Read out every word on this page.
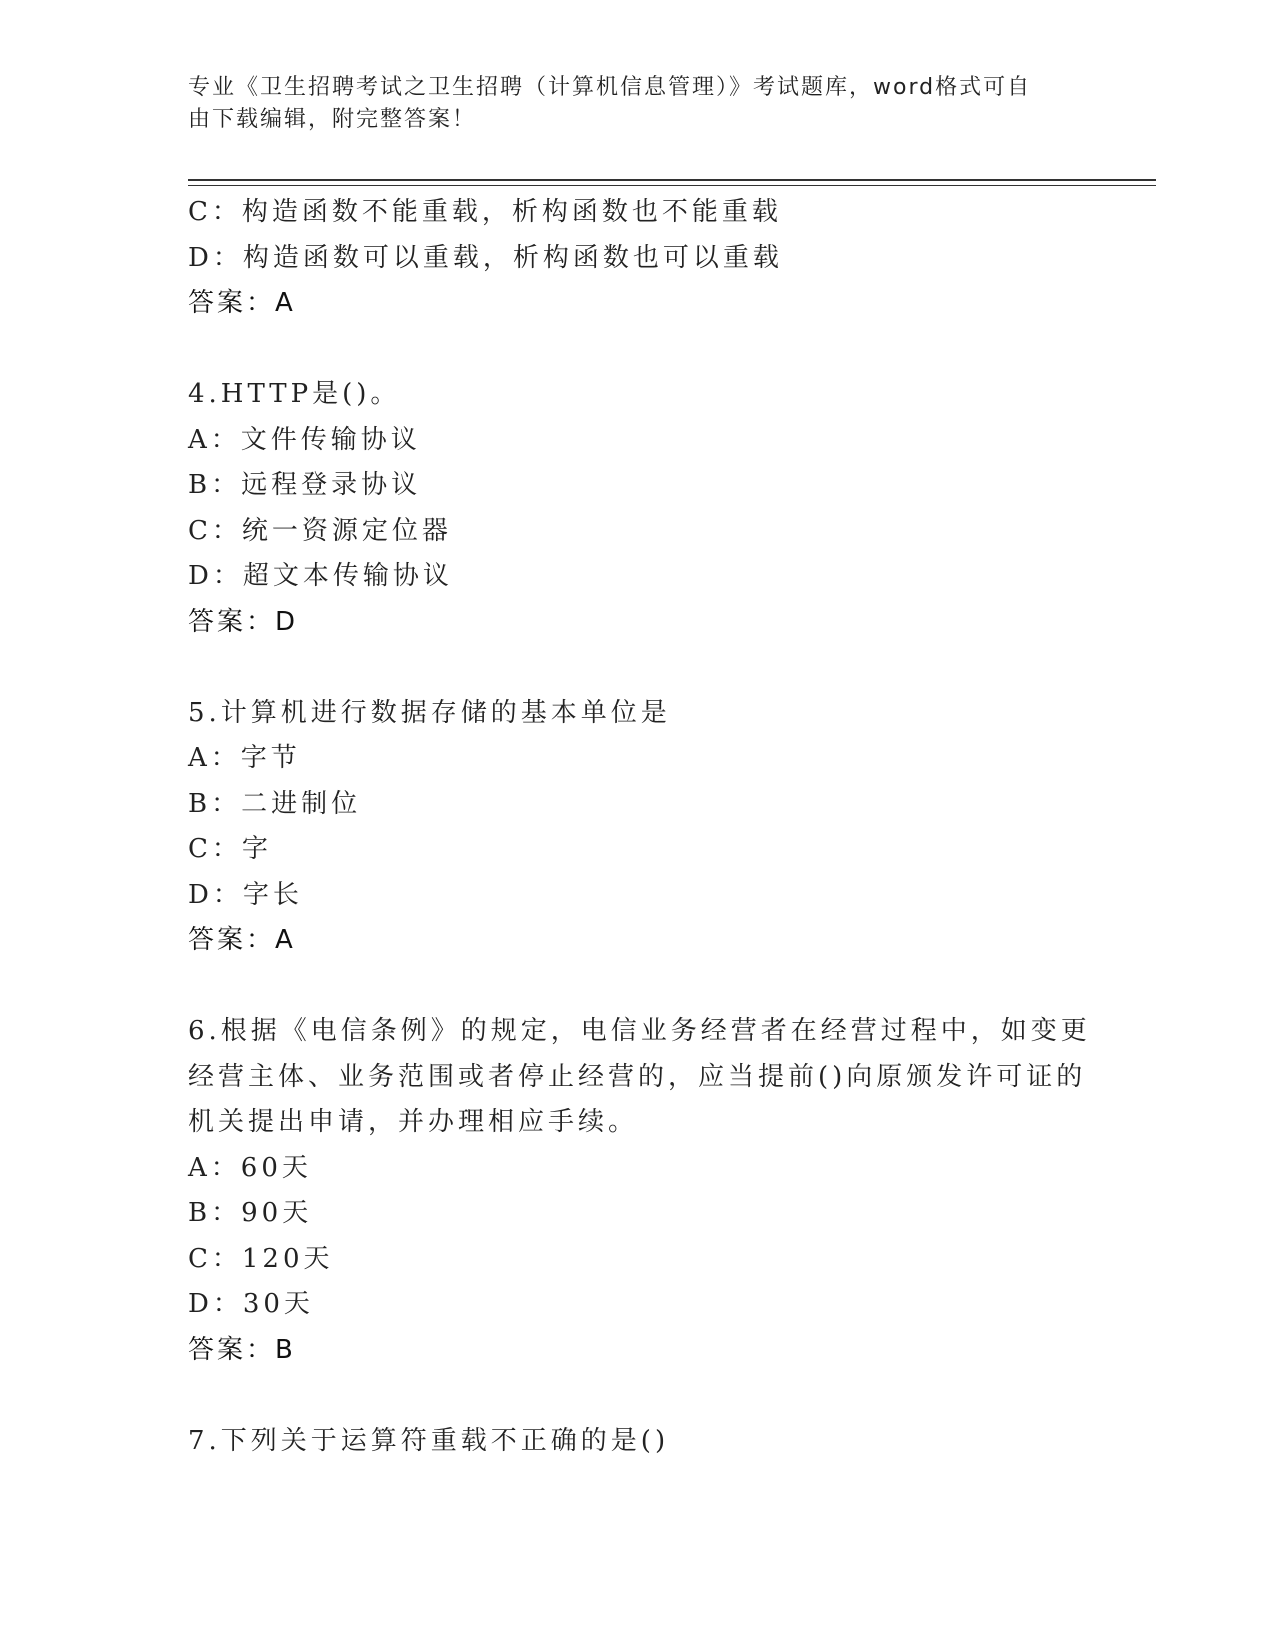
专业《卫生招聘考试之卫生招聘（计算机信息管理）》考试题库，word格式可自
由下载编辑，附完整答案！
C：构造函数不能重载，析构函数也不能重载
D：构造函数可以重载，析构函数也可以重载
答案：A
4.HTTP是()。
A：文件传输协议
B：远程登录协议
C：统一资源定位器
D：超文本传输协议
答案：D
5.计算机进行数据存储的基本单位是
A：字节
B：二进制位
C：字
D：字长
答案：A
6.根据《电信条例》的规定，电信业务经营者在经营过程中，如变更
经营主体、业务范围或者停止经营的，应当提前()向原颁发许可证的
机关提出申请，并办理相应手续。
A：60天
B：90天
C：120天
D：30天
答案：B
7.下列关于运算符重载不正确的是()
